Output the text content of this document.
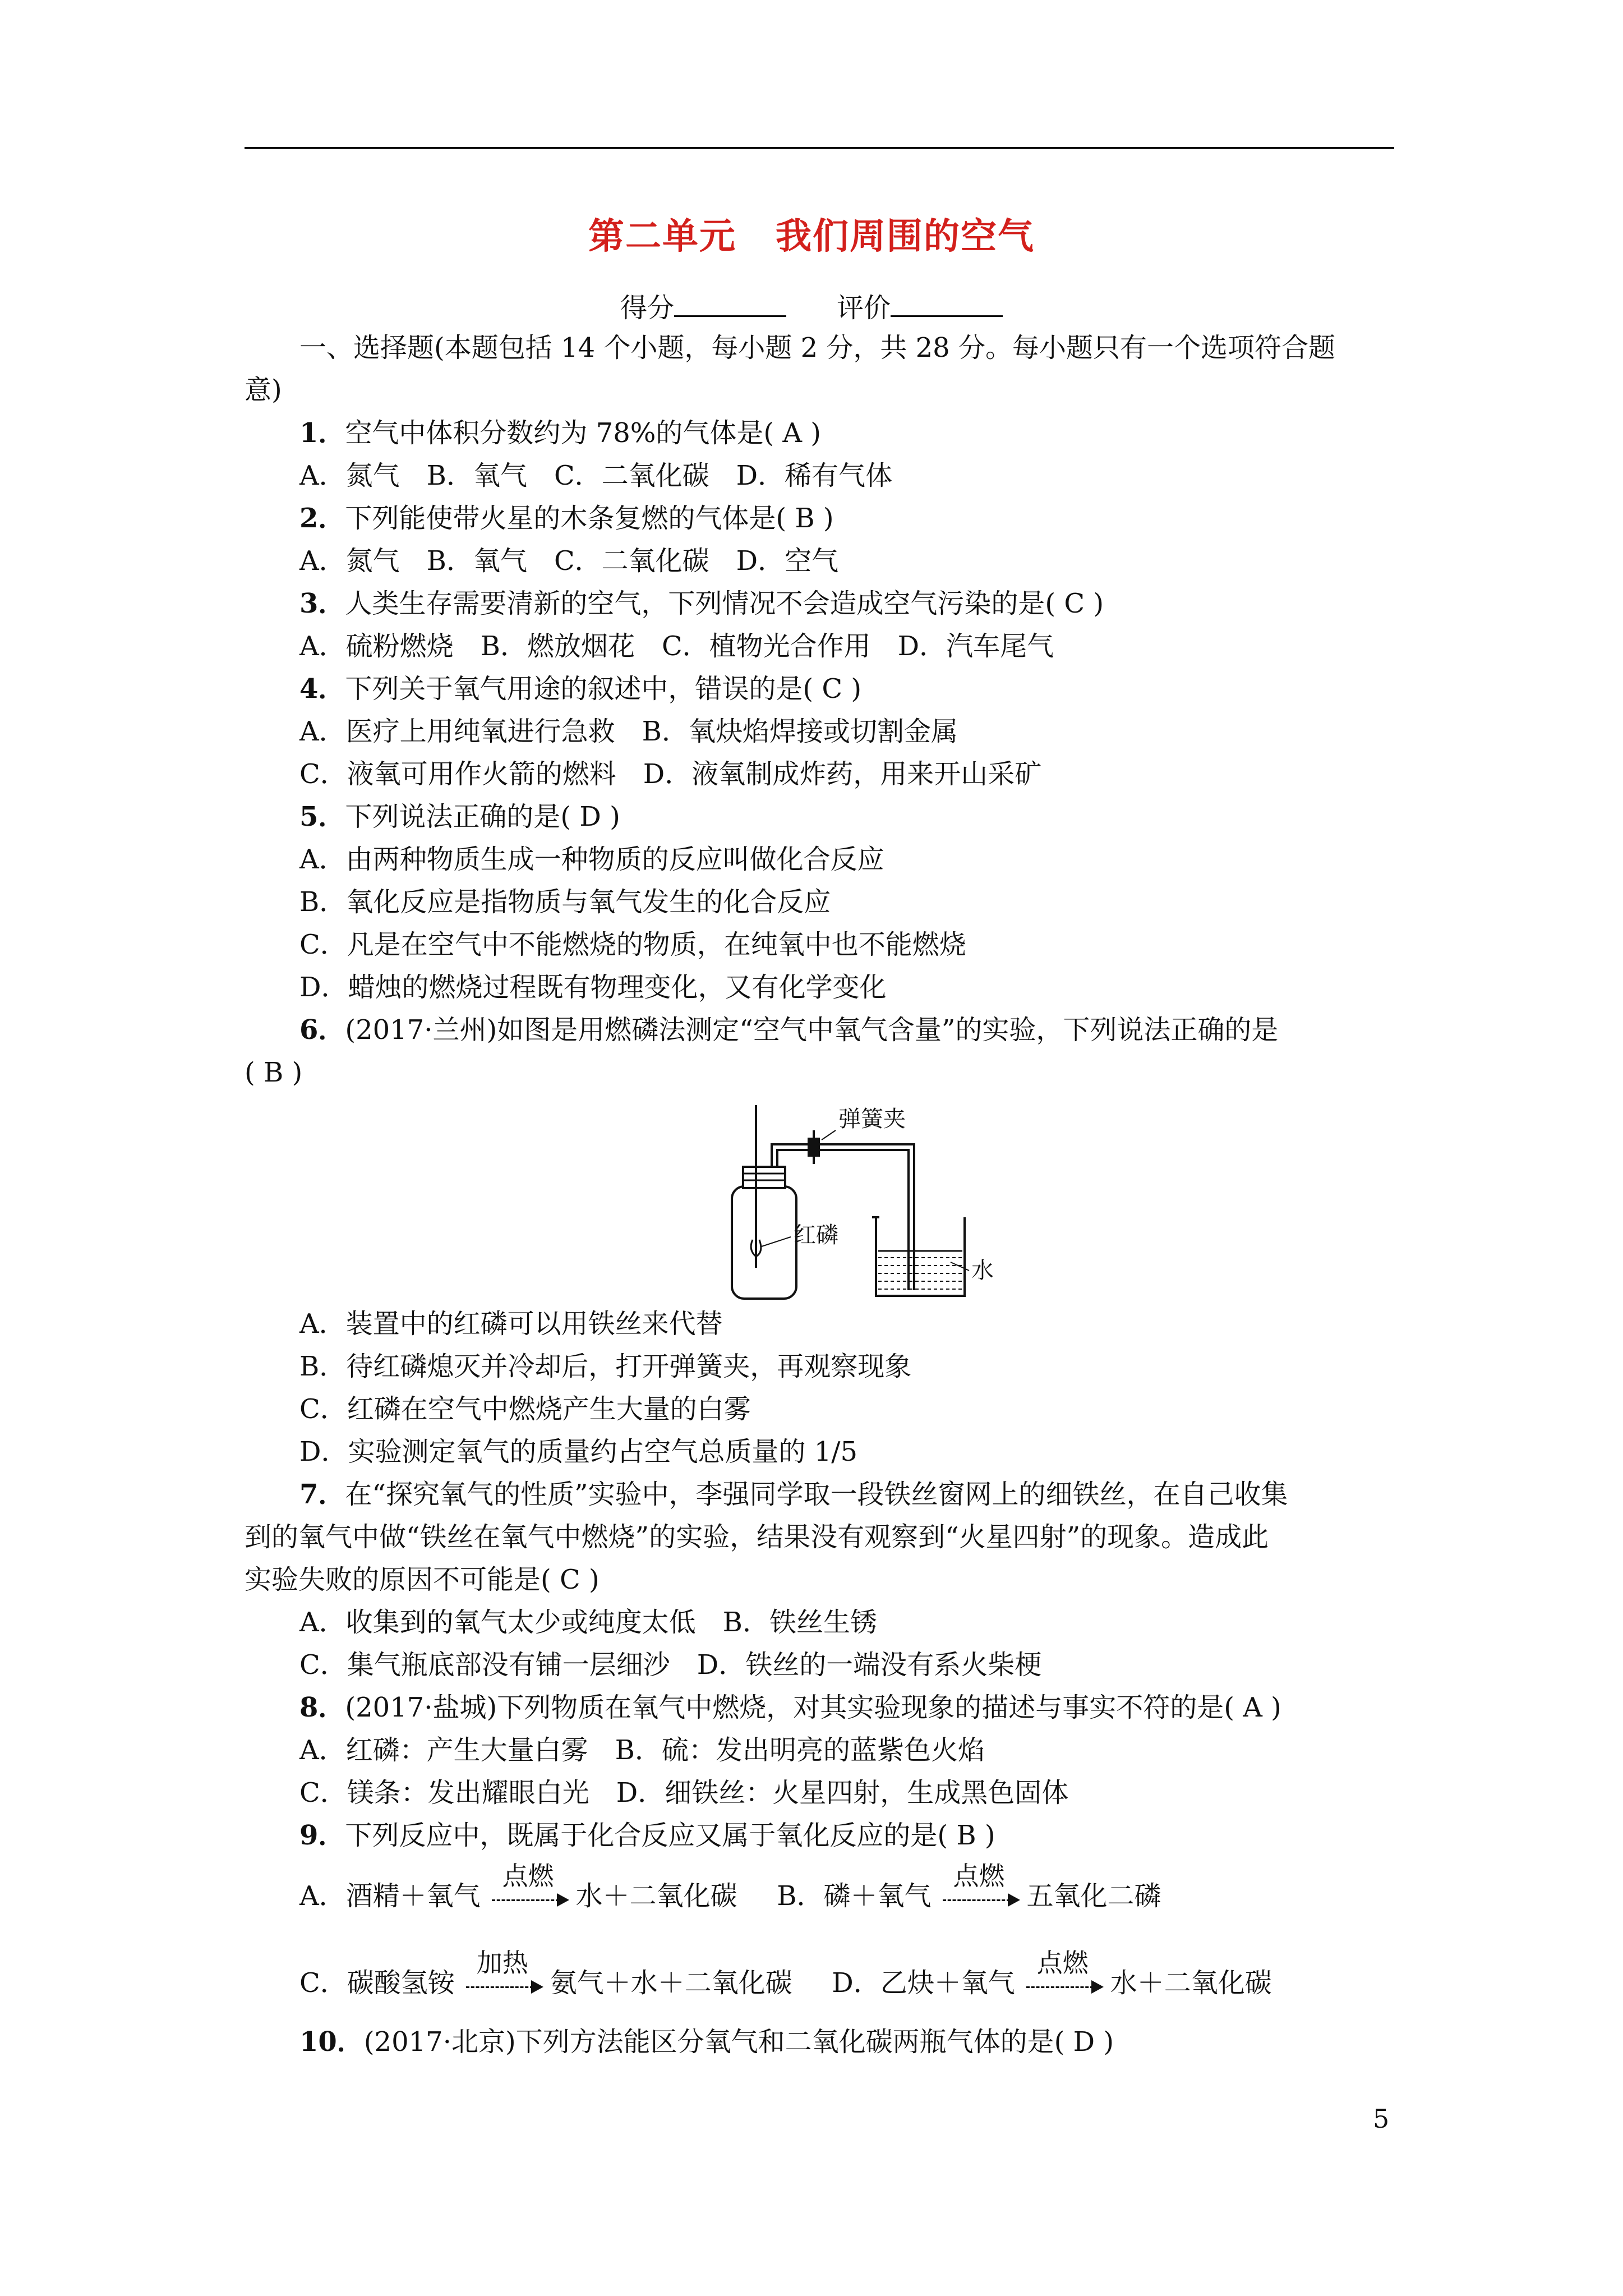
第二单元 我们周围的空气
得分	评价
一、选择题(本题包括 14 个小题，每小题 2 分，共 28 分。每小题只有一个选项符合题
意)
1．空气中体积分数约为 78%的气体是( A )
A．氮气　B．氧气　C．二氧化碳　D．稀有气体
2．下列能使带火星的木条复燃的气体是( B )
A．氮气　B．氧气　C．二氧化碳　D．空气
3．人类生存需要清新的空气，下列情况不会造成空气污染的是( C )
A．硫粉燃烧　B．燃放烟花　C．植物光合作用　D．汽车尾气
4．下列关于氧气用途的叙述中，错误的是( C )
A．医疗上用纯氧进行急救　B．氧炔焰焊接或切割金属
C．液氧可用作火箭的燃料　D．液氧制成炸药，用来开山采矿
5．下列说法正确的是( D )
A．由两种物质生成一种物质的反应叫做化合反应
B．氧化反应是指物质与氧气发生的化合反应
C．凡是在空气中不能燃烧的物质，在纯氧中也不能燃烧
D．蜡烛的燃烧过程既有物理变化，又有化学变化
6．(2017·兰州)如图是用燃磷法测定“空气中氧气含量”的实验，下列说法正确的是
( B )
弹簧夹
红磷
水
A．装置中的红磷可以用铁丝来代替
B．待红磷熄灭并冷却后，打开弹簧夹，再观察现象
C．红磷在空气中燃烧产生大量的白雾
D．实验测定氧气的质量约占空气总质量的 1/5
7．在“探究氧气的性质”实验中，李强同学取一段铁丝窗网上的细铁丝，在自己收集
到的氧气中做“铁丝在氧气中燃烧”的实验，结果没有观察到“火星四射”的现象。造成此
实验失败的原因不可能是( C )
A．收集到的氧气太少或纯度太低　B．铁丝生锈
C．集气瓶底部没有铺一层细沙　D．铁丝的一端没有系火柴梗
8．(2017·盐城)下列物质在氧气中燃烧，对其实验现象的描述与事实不符的是( A )
A．红磷：产生大量白雾　B．硫：发出明亮的蓝紫色火焰
C．镁条：发出耀眼白光　D．细铁丝：火星四射，生成黑色固体
9．下列反应中，既属于化合反应又属于氧化反应的是( B )
A．酒精＋氧气
点燃
水＋二氧化碳 B．磷＋氧气
点燃
五氧化二磷
C．碳酸氢铵
加热
氨气＋水＋二氧化碳 D．乙炔＋氧气
点燃
水＋二氧化碳
10．(2017·北京)下列方法能区分氧气和二氧化碳两瓶气体的是( D )
5
